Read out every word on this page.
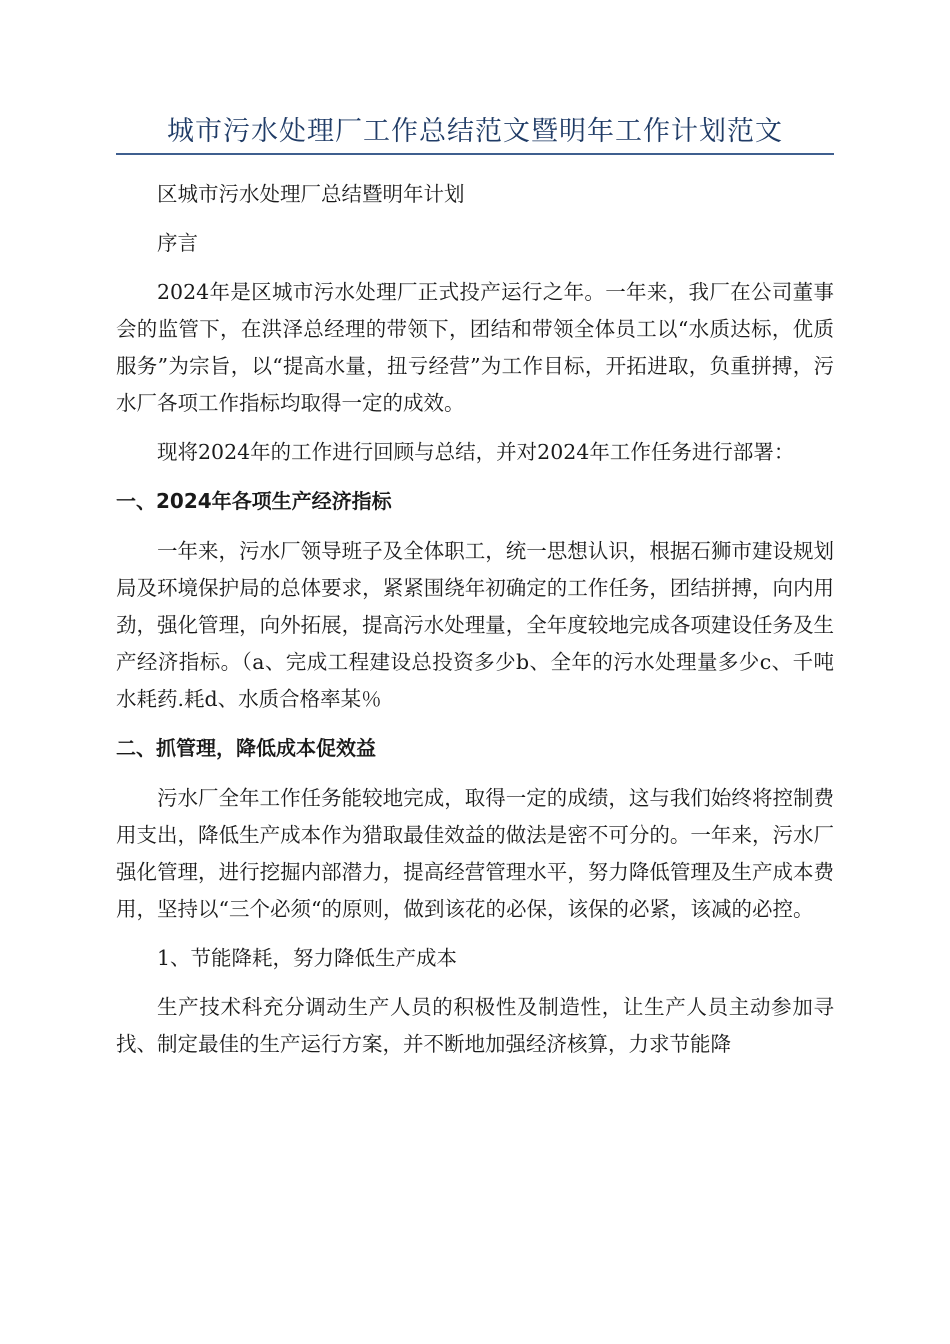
城市污水处理厂工作总结范文暨明年工作计划范文

区城市污水处理厂总结暨明年计划

序言

2024年是区城市污水处理厂正式投产运行之年。一年来，我厂在公司董事会的监管下，在洪泽总经理的带领下，团结和带领全体员工以“水质达标，优质服务”为宗旨，以“提高水量，扭亏经营”为工作目标，开拓进取，负重拼搏，污水厂各项工作指标均取得一定的成效。

现将2024年的工作进行回顾与总结，并对2024年工作任务进行部署：

一、2024年各项生产经济指标

一年来，污水厂领导班子及全体职工，统一思想认识，根据石狮市建设规划局及环境保护局的总体要求，紧紧围绕年初确定的工作任务，团结拼搏，向内用劲，强化管理，向外拓展，提高污水处理量，全年度较地完成各项建设任务及生产经济指标。（a、完成工程建设总投资多少b、全年的污水处理量多少c、千吨水耗药.耗d、水质合格率某％

二、抓管理，降低成本促效益

污水厂全年工作任务能较地完成，取得一定的成绩，这与我们始终将控制费用支出，降低生产成本作为猎取最佳效益的做法是密不可分的。一年来，污水厂强化管理，进行挖掘内部潜力，提高经营管理水平，努力降低管理及生产成本费用，坚持以“三个必须“的原则，做到该花的必保，该保的必紧，该减的必控。

1、节能降耗，努力降低生产成本

生产技术科充分调动生产人员的积极性及制造性，让生产人员主动参加寻找、制定最佳的生产运行方案，并不断地加强经济核算，力求节能降
